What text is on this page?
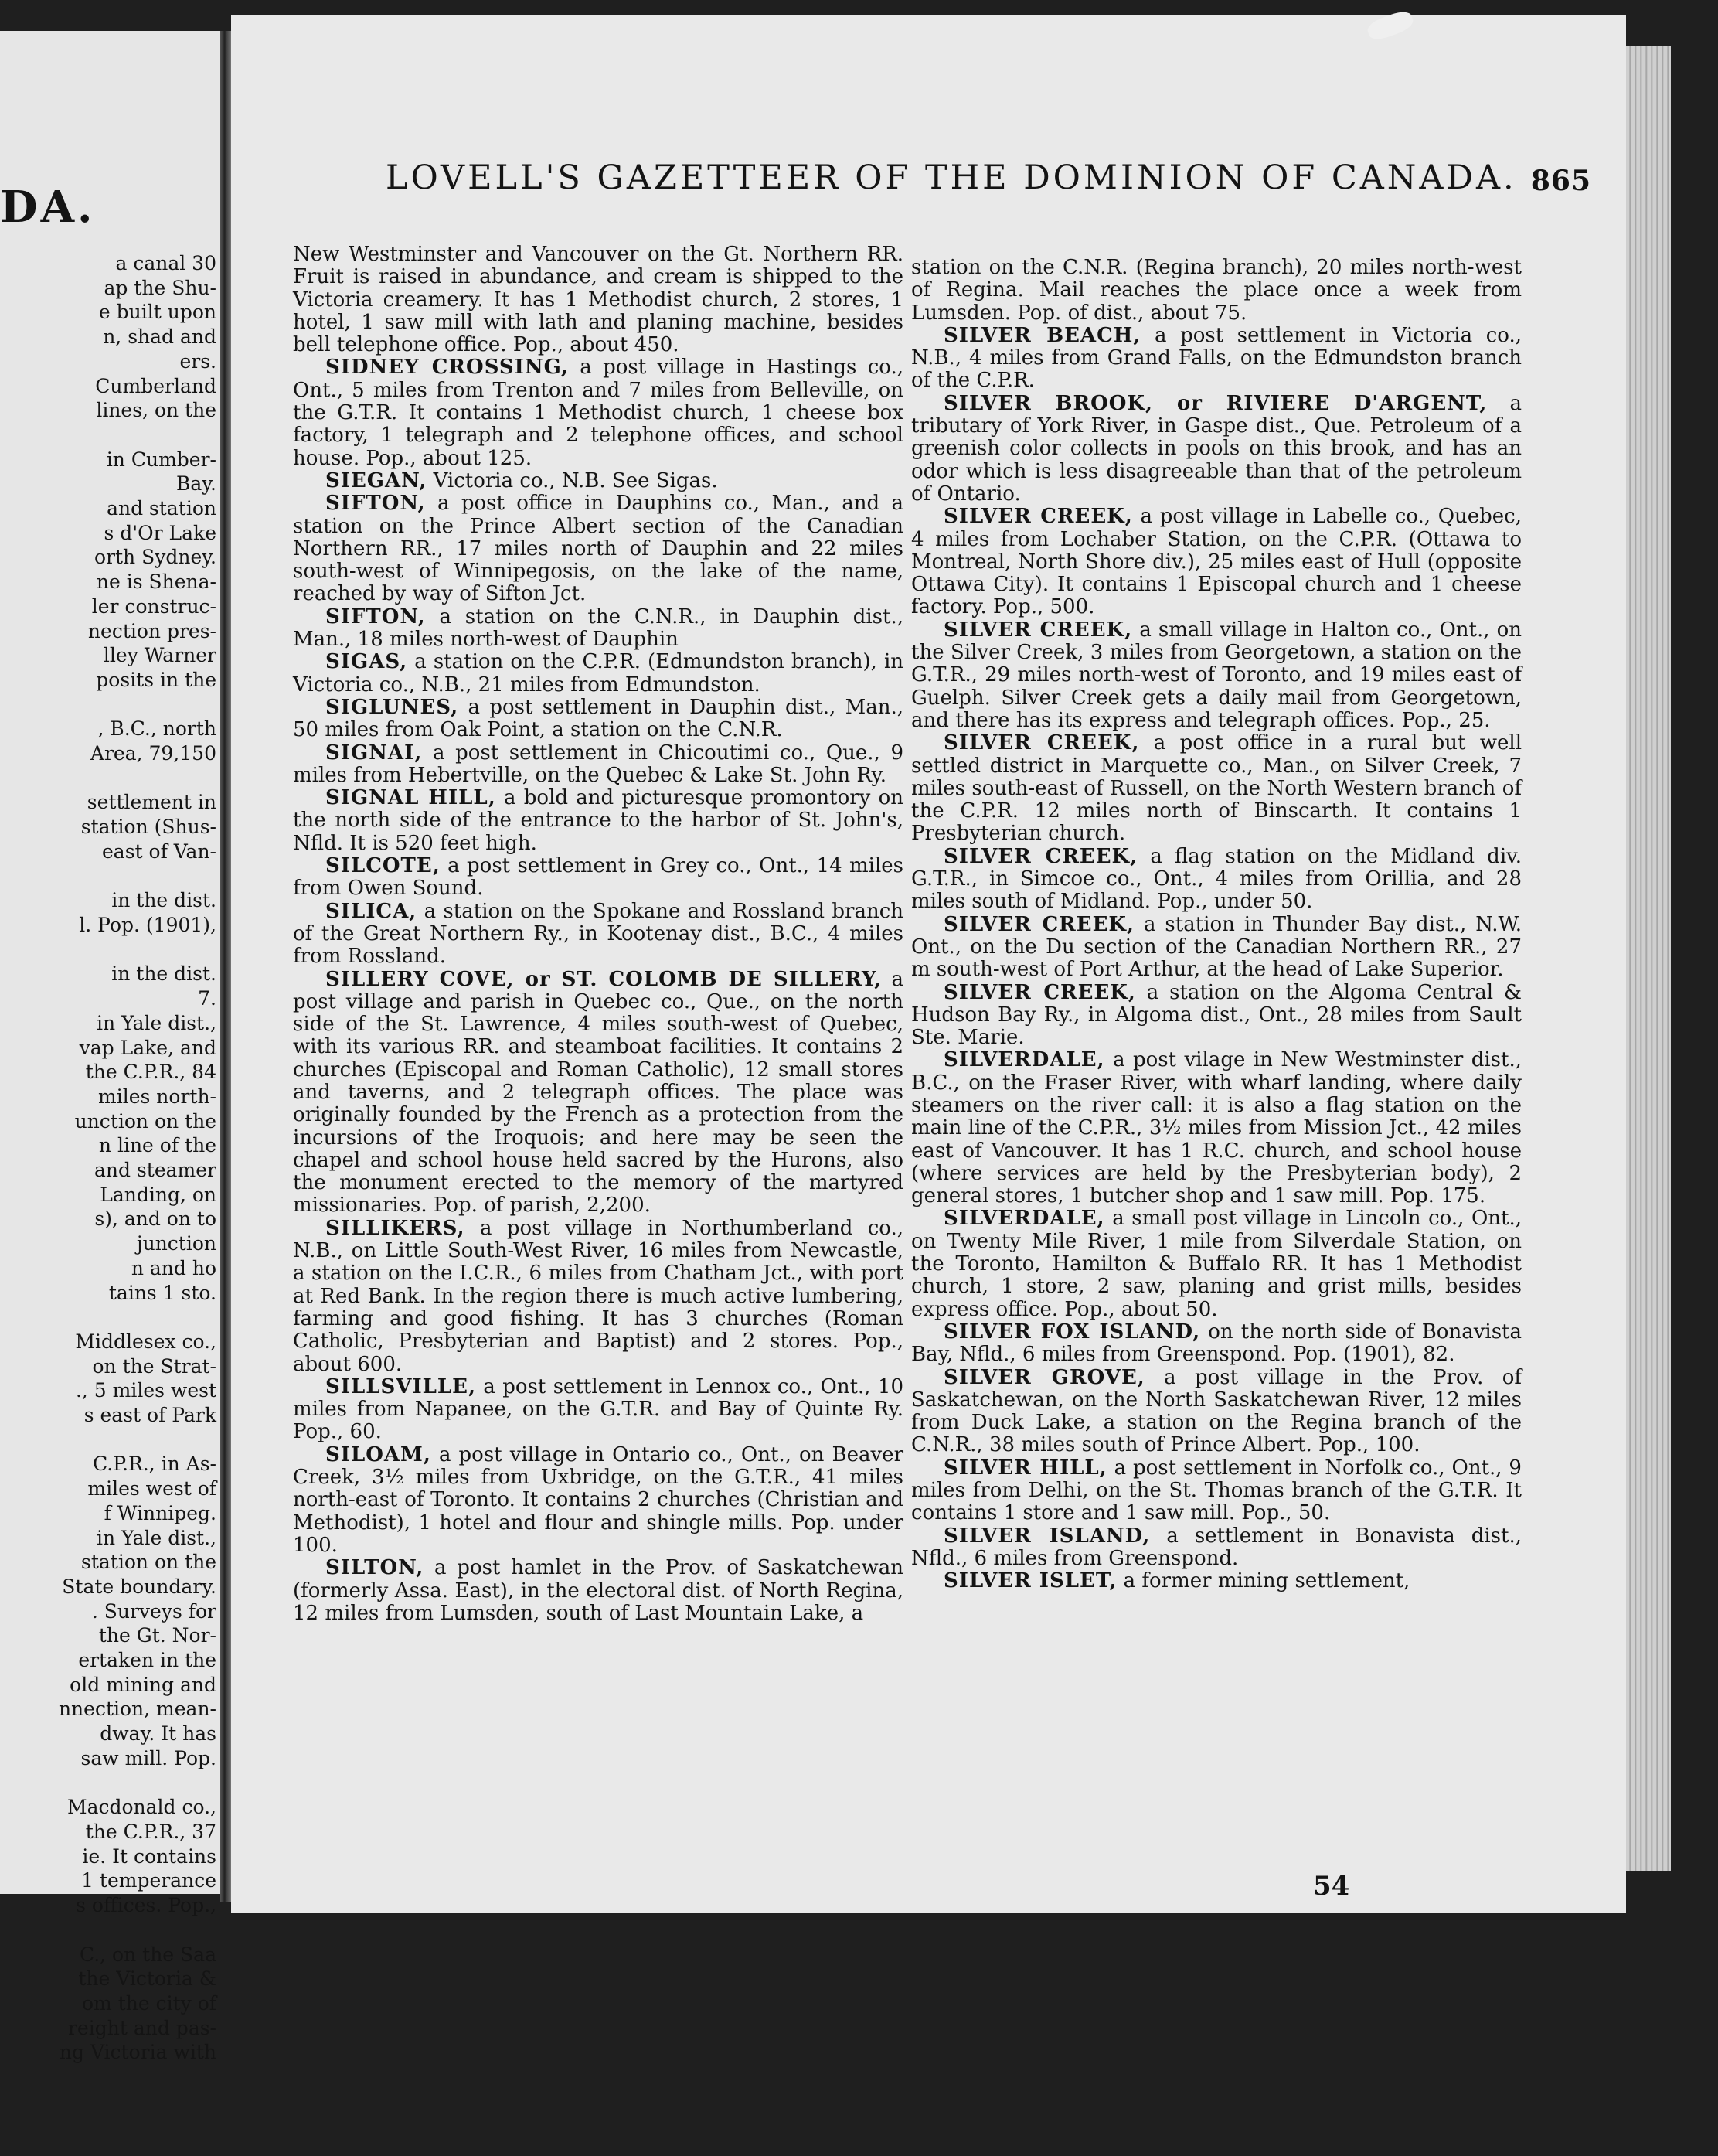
DA.
a canal 30
ap the Shu-
e built upon
n, shad and
ers.
Cumberland
lines, on the

in Cumber-
Bay.
and station
s d'Or Lake
orth Sydney.
ne is Shena-
ler construc-
nection pres-
lley Warner
posits in the

, B.C., north
Area, 79,150

settlement in
station (Shus-
east of Van-

in the dist.
l. Pop. (1901),

in the dist.
7.
in Yale dist.,
vap Lake, and
the C.P.R., 84
miles north-
unction on the
n line of the
and steamer
Landing, on
s), and on to
junction
n and ho
tains 1 sto.

Middlesex co.,
on the Strat-
., 5 miles west
s east of Park

C.P.R., in As-
miles west of
f Winnipeg.
in Yale dist.,
station on the
State boundary.
. Surveys for
the Gt. Nor-
ertaken in the
old mining and
nnection, mean-
dway. It has
saw mill. Pop.

Macdonald co.,
the C.P.R., 37
ie. It contains
1 temperance
s offices. Pop.,

C., on the Saa
the Victoria &
om the city of
reight and pas-
ng Victoria with
LOVELL'S GAZETTEER OF THE DOMINION OF CANADA. 865

New Westminster and Vancouver on the Gt. Northern RR. Fruit is raised in abundance, and cream is shipped to the Victoria creamery. It has 1 Methodist church, 2 stores, 1 hotel, 1 saw mill with lath and planing machine, besides bell telephone office. Pop., about 450.

SIDNEY CROSSING, a post village in Hastings co., Ont., 5 miles from Trenton and 7 miles from Belleville, on the G.T.R. It contains 1 Methodist church, 1 cheese box factory, 1 telegraph and 2 telephone offices, and school house. Pop., about 125.

SIEGAN, Victoria co., N.B. See Sigas.

SIFTON, a post office in Dauphins co., Man., and a station on the Prince Albert section of the Canadian Northern RR., 17 miles north of Dauphin and 22 miles south-west of Winnipegosis, on the lake of the name, reached by way of Sifton Jct.

SIFTON, a station on the C.N.R., in Dauphin dist., Man., 18 miles north-west of Dauphin

SIGAS, a station on the C.P.R. (Edmundston branch), in Victoria co., N.B., 21 miles from Edmundston.

SIGLUNES, a post settlement in Dauphin dist., Man., 50 miles from Oak Point, a station on the C.N.R.

SIGNAI, a post settlement in Chicoutimi co., Que., 9 miles from Hebertville, on the Quebec & Lake St. John Ry.

SIGNAL HILL, a bold and picturesque promontory on the north side of the entrance to the harbor of St. John's, Nfld. It is 520 feet high.

SILCOTE, a post settlement in Grey co., Ont., 14 miles from Owen Sound.

SILICA, a station on the Spokane and Rossland branch of the Great Northern Ry., in Kootenay dist., B.C., 4 miles from Rossland.

SILLERY COVE, or ST. COLOMB DE SILLERY, a post village and parish in Quebec co., Que., on the north side of the St. Lawrence, 4 miles south-west of Quebec, with its various RR. and steamboat facilities. It contains 2 churches (Episcopal and Roman Catholic), 12 small stores and taverns, and 2 telegraph offices. The place was originally founded by the French as a protection from the incursions of the Iroquois; and here may be seen the chapel and school house held sacred by the Hurons, also the monument erected to the memory of the martyred missionaries. Pop. of parish, 2,200.

SILLIKERS, a post village in Northumberland co., N.B., on Little South-West River, 16 miles from Newcastle, a station on the I.C.R., 6 miles from Chatham Jct., with port at Red Bank. In the region there is much active lumbering, farming and good fishing. It has 3 churches (Roman Catholic, Presbyterian and Baptist) and 2 stores. Pop., about 600.

SILLSVILLE, a post settlement in Lennox co., Ont., 10 miles from Napanee, on the G.T.R. and Bay of Quinte Ry. Pop., 60.

SILOAM, a post village in Ontario co., Ont., on Beaver Creek, 3½ miles from Uxbridge, on the G.T.R., 41 miles north-east of Toronto. It contains 2 churches (Christian and Methodist), 1 hotel and flour and shingle mills. Pop. under 100.

SILTON, a post hamlet in the Prov. of Saskatchewan (formerly Assa. East), in the electoral dist. of North Regina, 12 miles from Lumsden, south of Last Mountain Lake, a

station on the C.N.R. (Regina branch), 20 miles north-west of Regina. Mail reaches the place once a week from Lumsden. Pop. of dist., about 75.

SILVER BEACH, a post settlement in Victoria co., N.B., 4 miles from Grand Falls, on the Edmundston branch of the C.P.R.

SILVER BROOK, or RIVIERE D'ARGENT, a tributary of York River, in Gaspe dist., Que. Petroleum of a greenish color collects in pools on this brook, and has an odor which is less disagreeable than that of the petroleum of Ontario.

SILVER CREEK, a post village in Labelle co., Quebec, 4 miles from Lochaber Station, on the C.P.R. (Ottawa to Montreal, North Shore div.), 25 miles east of Hull (opposite Ottawa City). It contains 1 Episcopal church and 1 cheese factory. Pop., 500.

SILVER CREEK, a small village in Halton co., Ont., on the Silver Creek, 3 miles from Georgetown, a station on the G.T.R., 29 miles north-west of Toronto, and 19 miles east of Guelph. Silver Creek gets a daily mail from Georgetown, and there has its express and telegraph offices. Pop., 25.

SILVER CREEK, a post office in a rural but well settled district in Marquette co., Man., on Silver Creek, 7 miles south-east of Russell, on the North Western branch of the C.P.R. 12 miles north of Binscarth. It contains 1 Presbyterian church.

SILVER CREEK, a flag station on the Midland div. G.T.R., in Simcoe co., Ont., 4 miles from Orillia, and 28 miles south of Midland. Pop., under 50.

SILVER CREEK, a station in Thunder Bay dist., N.W. Ont., on the Du section of the Canadian Northern RR., 27 m south-west of Port Arthur, at the head of Lake Superior.

SILVER CREEK, a station on the Algoma Central & Hudson Bay Ry., in Algoma dist., Ont., 28 miles from Sault Ste. Marie.

SILVERDALE, a post vilage in New Westminster dist., B.C., on the Fraser River, with wharf landing, where daily steamers on the river call: it is also a flag station on the main line of the C.P.R., 3½ miles from Mission Jct., 42 miles east of Vancouver. It has 1 R.C. church, and school house (where services are held by the Presbyterian body), 2 general stores, 1 butcher shop and 1 saw mill. Pop. 175.

SILVERDALE, a small post village in Lincoln co., Ont., on Twenty Mile River, 1 mile from Silverdale Station, on the Toronto, Hamilton & Buffalo RR. It has 1 Methodist church, 1 store, 2 saw, planing and grist mills, besides express office. Pop., about 50.

SILVER FOX ISLAND, on the north side of Bonavista Bay, Nfld., 6 miles from Greenspond. Pop. (1901), 82.

SILVER GROVE, a post village in the Prov. of Saskatchewan, on the North Saskatchewan River, 12 miles from Duck Lake, a station on the Regina branch of the C.N.R., 38 miles south of Prince Albert. Pop., 100.

SILVER HILL, a post settlement in Norfolk co., Ont., 9 miles from Delhi, on the St. Thomas branch of the G.T.R. It contains 1 store and 1 saw mill. Pop., 50.

SILVER ISLAND, a settlement in Bonavista dist., Nfld., 6 miles from Greenspond.

SILVER ISLET, a former mining settlement,

54
